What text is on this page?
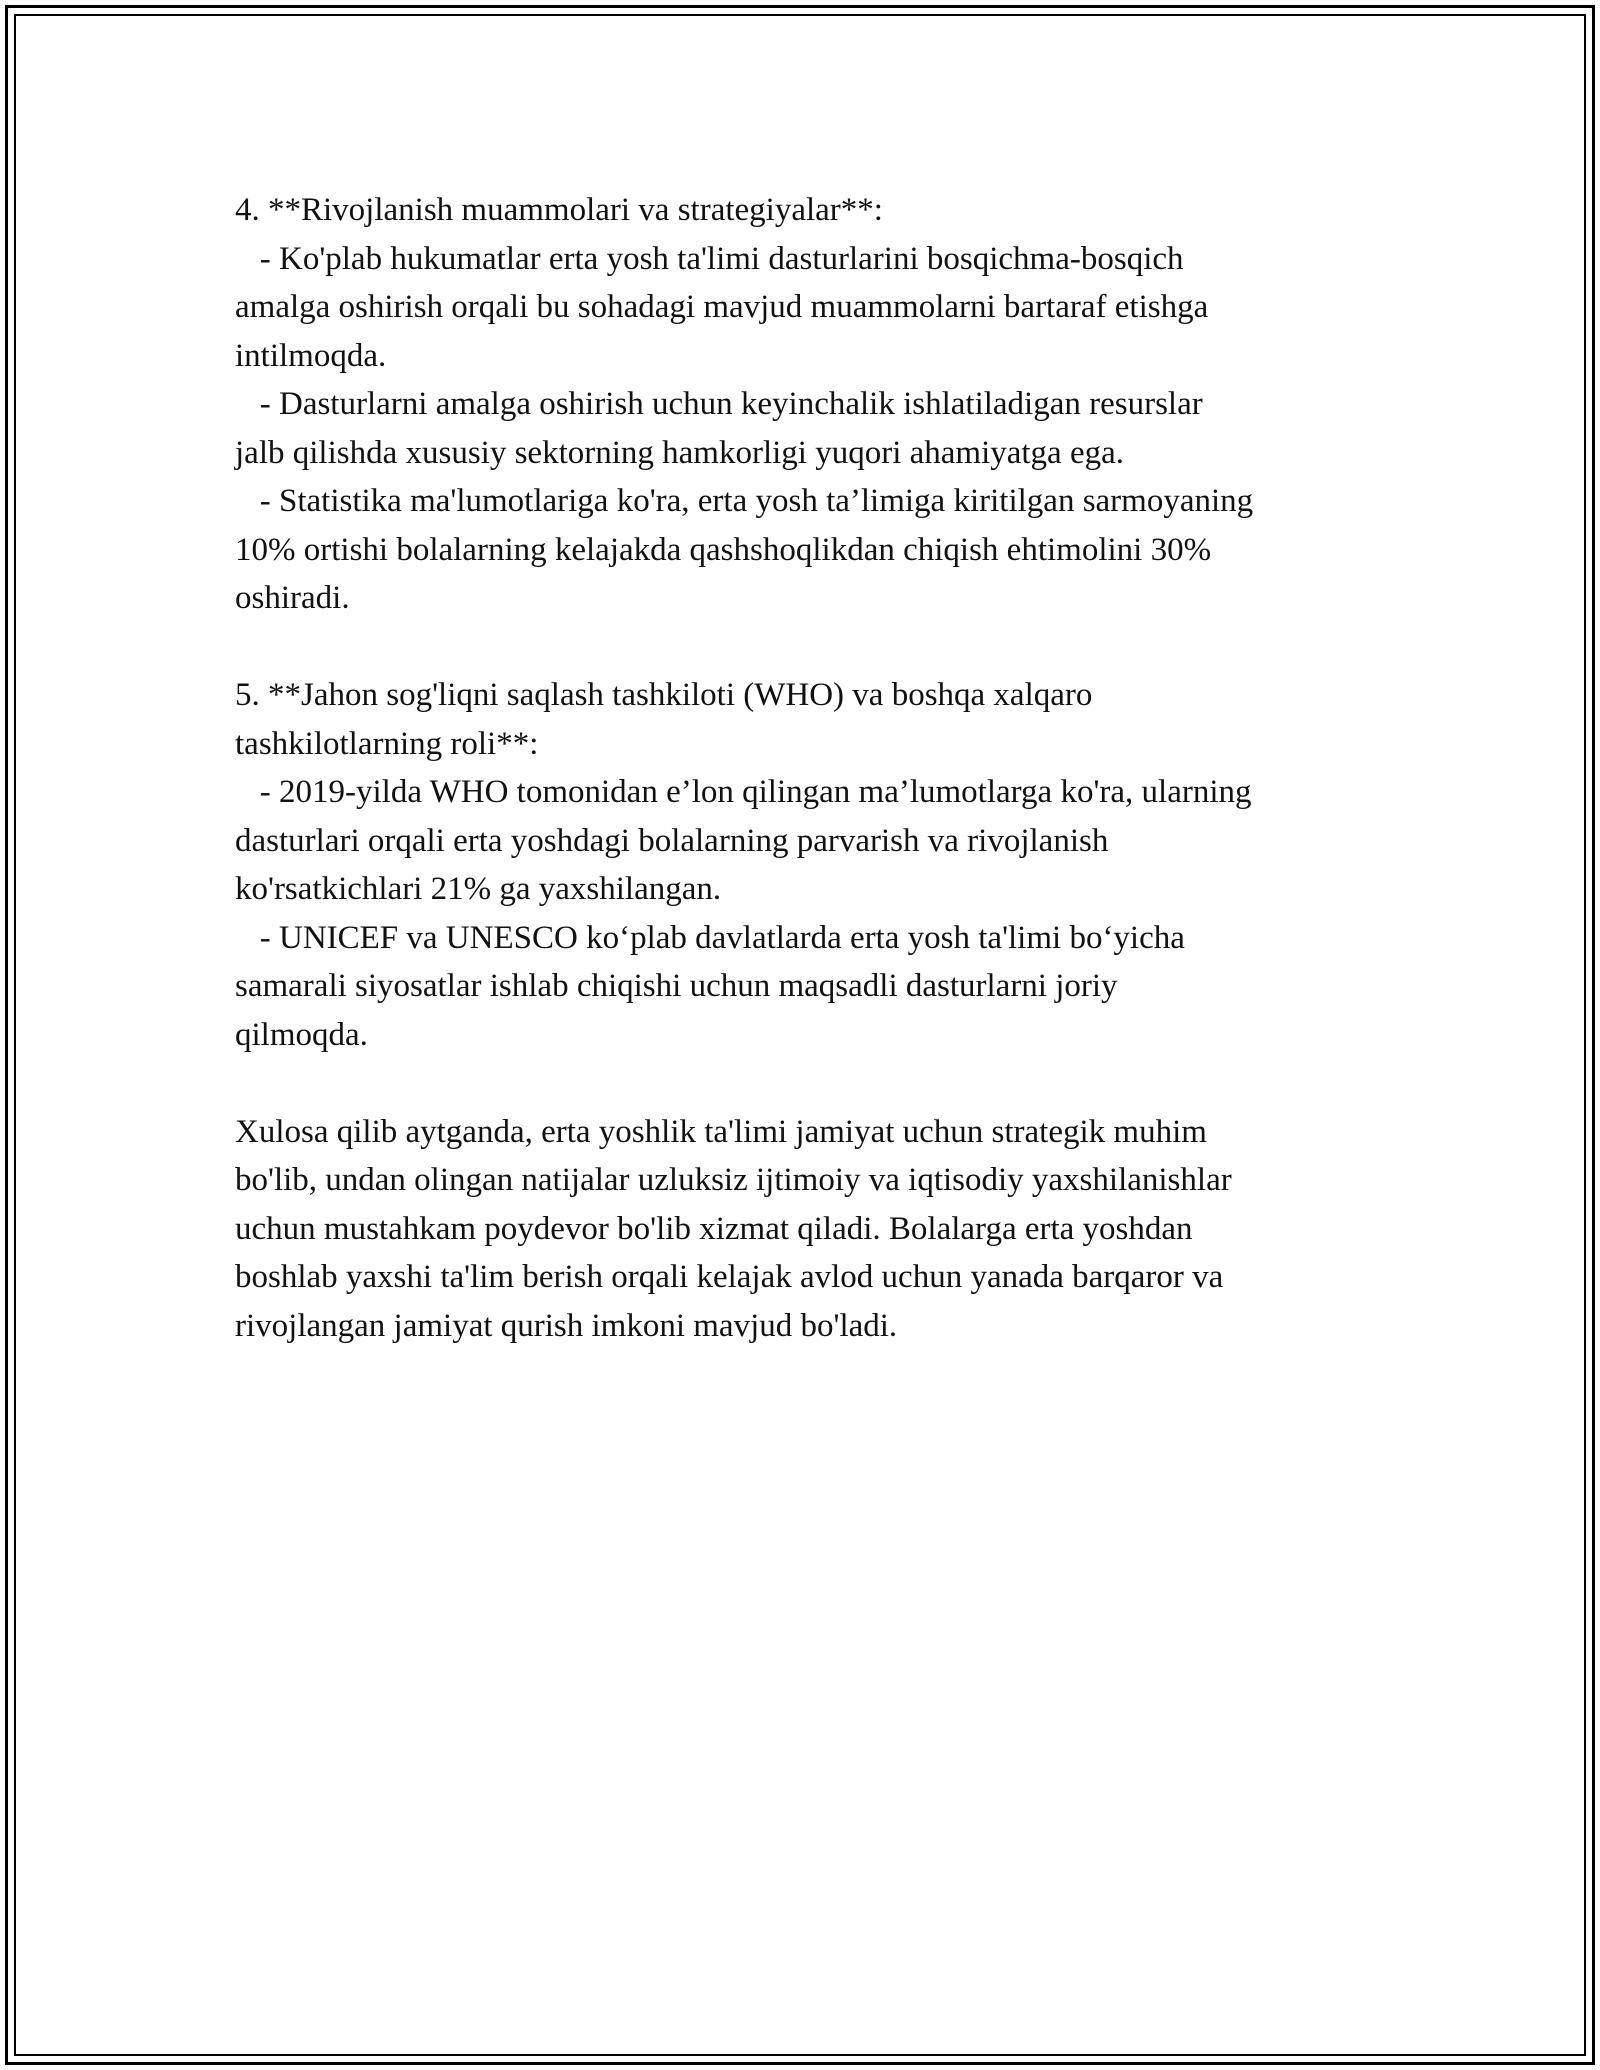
4. **Rivojlanish muammolari va strategiyalar**:
- Ko'plab hukumatlar erta yosh ta'limi dasturlarini bosqichma-bosqich
amalga oshirish orqali bu sohadagi mavjud muammolarni bartaraf etishga
intilmoqda.
- Dasturlarni amalga oshirish uchun keyinchalik ishlatiladigan resurslar
jalb qilishda xususiy sektorning hamkorligi yuqori ahamiyatga ega.
- Statistika ma'lumotlariga ko'ra, erta yosh ta’limiga kiritilgan sarmoyaning
10% ortishi bolalarning kelajakda qashshoqlikdan chiqish ehtimolini 30%
oshiradi.
5. **Jahon sog'liqni saqlash tashkiloti (WHO) va boshqa xalqaro
tashkilotlarning roli**:
- 2019-yilda WHO tomonidan e’lon qilingan ma’lumotlarga ko'ra, ularning
dasturlari orqali erta yoshdagi bolalarning parvarish va rivojlanish
ko'rsatkichlari 21% ga yaxshilangan.
- UNICEF va UNESCO ko‘plab davlatlarda erta yosh ta'limi bo‘yicha
samarali siyosatlar ishlab chiqishi uchun maqsadli dasturlarni joriy
qilmoqda.
Xulosa qilib aytganda, erta yoshlik ta'limi jamiyat uchun strategik muhim
bo'lib, undan olingan natijalar uzluksiz ijtimoiy va iqtisodiy yaxshilanishlar
uchun mustahkam poydevor bo'lib xizmat qiladi. Bolalarga erta yoshdan
boshlab yaxshi ta'lim berish orqali kelajak avlod uchun yanada barqaror va
rivojlangan jamiyat qurish imkoni mavjud bo'ladi.
